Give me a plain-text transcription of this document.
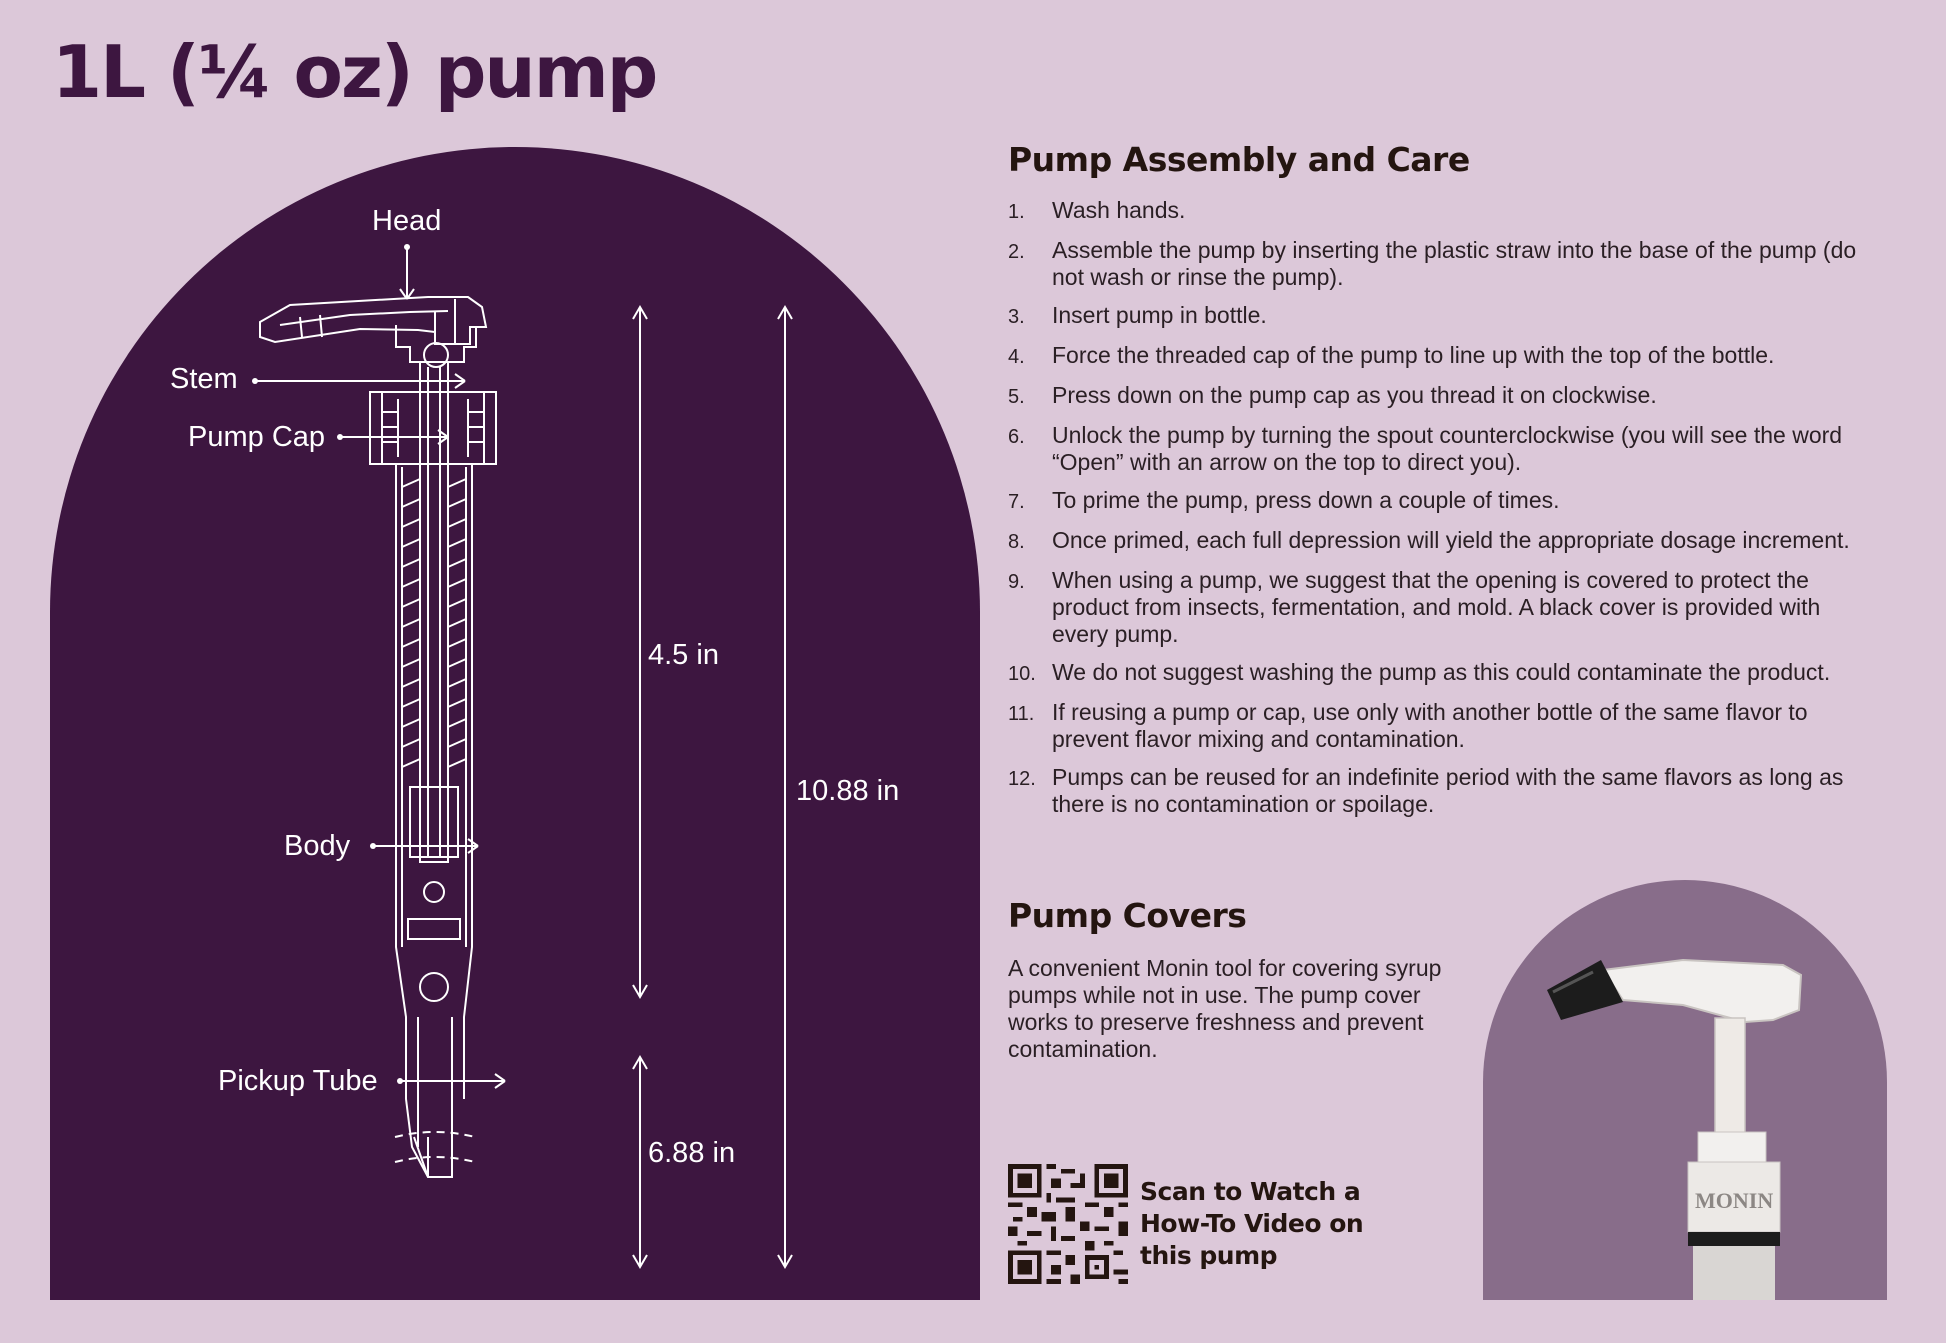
1L (¼ oz) pump
Head
Stem
Pump Cap
Body
Pickup Tube
4.5 in
10.88 in
6.88 in
Pump Assembly and Care
1.	Wash hands.
2.	Assemble the pump by inserting the plastic straw into the base of the pump (do not wash or rinse the pump).
3.	Insert pump in bottle.
4.	Force the threaded cap of the pump to line up with the top of the bottle.
5.	Press down on the pump cap as you thread it on clockwise.
6.	Unlock the pump by turning the spout counterclockwise (you will see the word “Open” with an arrow on the top to direct you).
7.	To prime the pump, press down a couple of times.
8.	Once primed, each full depression will yield the appropriate dosage increment.
9.	When using a pump, we suggest that the opening is covered to protect the product from insects, fermentation, and mold. A black cover is provided with every pump.
10. We do not suggest washing the pump as this could contaminate the product.
11. If reusing a pump or cap, use only with another bottle of the same flavor to prevent flavor mixing and contamination.
12. Pumps can be reused for an indefinite period with the same flavors as long as there is no contamination or spoilage.
Pump Covers

A convenient Monin tool for covering syrup pumps while not in use. The pump cover works to preserve freshness and prevent contamination.

Scan to Watch a How-To Video on this pump
MONIN
